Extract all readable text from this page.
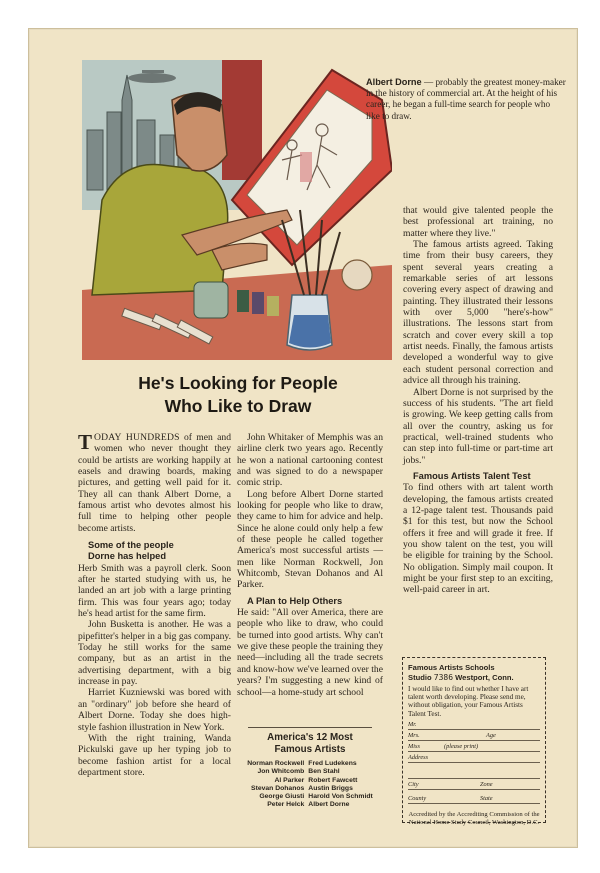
Albert Dorne — probably the greatest money-maker in the history of commercial art. At the height of his career, he began a full-time search for people who like to draw.
He's Looking for People
Who Like to Draw

TODAY HUNDREDS of men and women who never thought they could be artists are working happily at easels and drawing boards, making pictures, and getting well paid for it. They all can thank Albert Dorne, a famous artist who devotes almost his full time to helping other people become artists.

Some of the people

Dorne has helped

Herb Smith was a payroll clerk. Soon after he started studying with us, he landed an art job with a large printing firm. This was four years ago; today he's head artist for the same firm.

John Busketta is another. He was a pipefitter's helper in a big gas company. Today he still works for the same company, but as an artist in the advertising department, with a big increase in pay.

Harriet Kuzniewski was bored with an "ordinary" job before she heard of Albert Dorne. Today she does high-style fashion illustration in New York.

With the right training, Wanda Pickulski gave up her typing job to become fashion artist for a local department store.

John Whitaker of Memphis was an airline clerk two years ago. Recently he won a national cartooning contest and was signed to do a newspaper comic strip.

Long before Albert Dorne started looking for people who like to draw, they came to him for advice and help. Since he alone could only help a few of these people he called together America's most successful artists —men like Norman Rockwell, Jon Whitcomb, Stevan Dohanos and Al Parker.

A Plan to Help Others

He said: "All over America, there are people who like to draw, who could be turned into good artists. Why can't we give these people the training they need—including all the trade secrets and know-how we've learned over the years? I'm suggesting a new kind of school—a home-study art school

that would give talented people the best professional art training, no matter where they live."

The famous artists agreed. Taking time from their busy careers, they spent several years creating a remarkable series of art lessons covering every aspect of drawing and painting. They illustrated their lessons with over 5,000 "here's-how" illustrations. The lessons start from scratch and cover every skill a top artist needs. Finally, the famous artists developed a wonderful way to give each student personal correction and advice all through his training.

Albert Dorne is not surprised by the success of his students. "The art field is growing. We keep getting calls from all over the country, asking us for practical, well-trained students who can step into full-time or part-time art jobs."

Famous Artists Talent Test

To find others with art talent worth developing, the famous artists created a 12-page talent test. Thousands paid $1 for this test, but now the School offers it free and will grade it free. If you show talent on the test, you will be eligible for training by the School. No obligation. Simply mail coupon. It might be your first step to an exciting, well-paid career in art.

America's 12 Most
Famous Artists
Norman Rockwell	Fred Ludekens
Jon Whitcomb	Ben Stahl
Al Parker	Robert Fawcett
Stevan Dohanos	Austin Briggs
George Giusti	Harold Von Schmidt
Peter Helck	Albert Dorne
Famous Artists Schools
Studio 7386 Westport, Conn.
I would like to find out whether I have art talent worth developing. Please send me, without obligation, your Famous Artists Talent Test.
Mr.
Mrs.	Age
Miss	(please print)
Address
City	Zone
County	State
Accredited by the Accrediting Commission of the National Home Study Council, Washington, D.C.
